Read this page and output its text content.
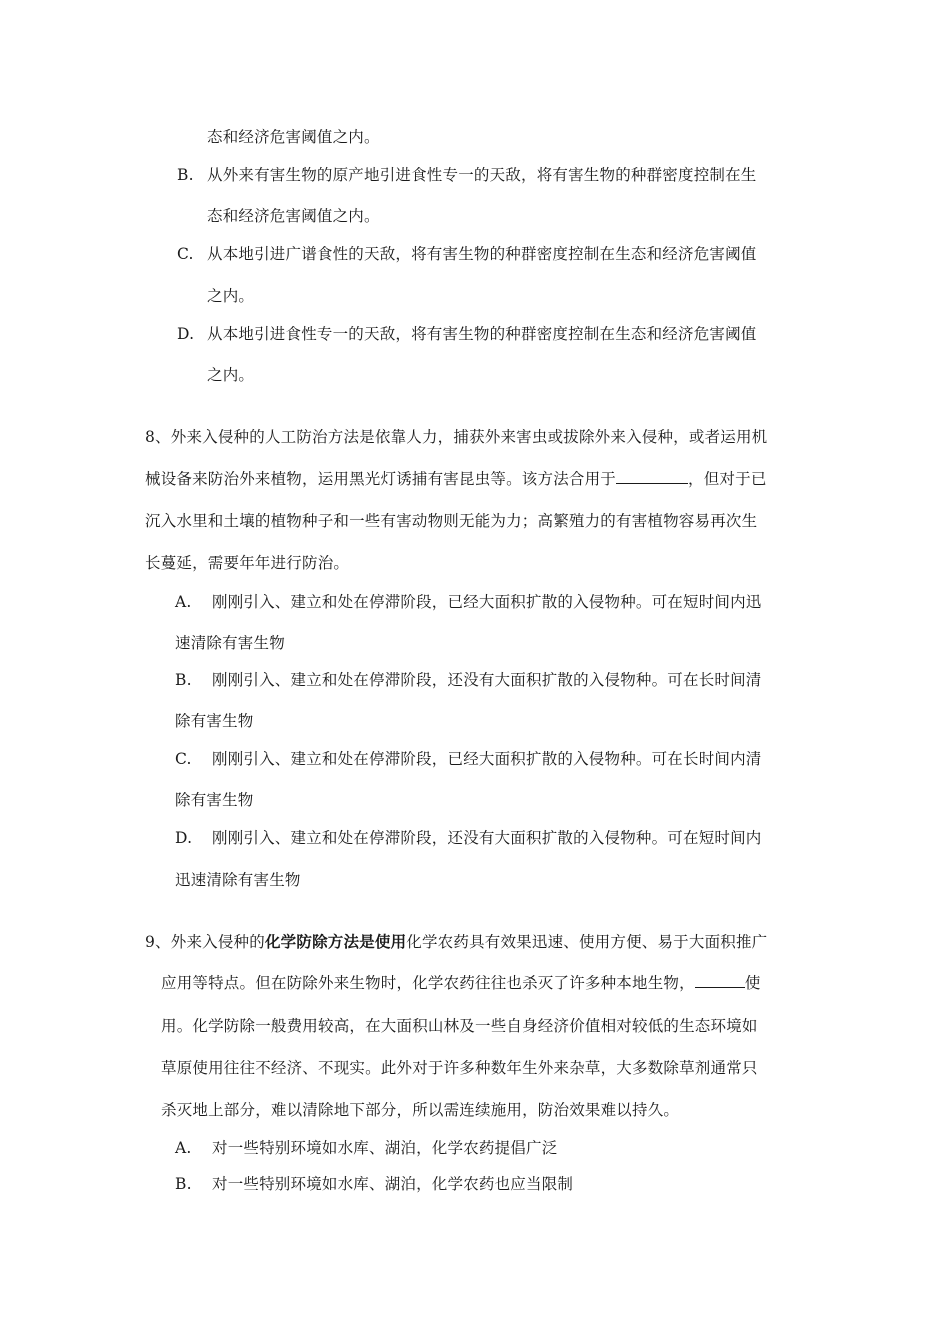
态和经济危害阈值之内。
B. 从外来有害生物的原产地引进食性专一的天敌，将有害生物的种群密度控制在生
态和经济危害阈值之内。
C. 从本地引进广谱食性的天敌，将有害生物的种群密度控制在生态和经济危害阈值
之内。
D. 从本地引进食性专一的天敌，将有害生物的种群密度控制在生态和经济危害阈值
之内。
8、外来入侵种的人工防治方法是依靠人力，捕获外来害虫或拔除外来入侵种，或者运用机
械设备来防治外来植物，运用黑光灯诱捕有害昆虫等。该方法合用于	，但对于已
沉入水里和土壤的植物种子和一些有害动物则无能为力；高繁殖力的有害植物容易再次生
长蔓延，需要年年进行防治。
A. 刚刚引入、建立和处在停滞阶段，已经大面积扩散的入侵物种。可在短时间内迅
速清除有害生物
B. 刚刚引入、建立和处在停滞阶段，还没有大面积扩散的入侵物种。可在长时间清
除有害生物
C. 刚刚引入、建立和处在停滞阶段，已经大面积扩散的入侵物种。可在长时间内清
除有害生物
D. 刚刚引入、建立和处在停滞阶段，还没有大面积扩散的入侵物种。可在短时间内
迅速清除有害生物
9、外来入侵种的化学防除方法是使用化学农药具有效果迅速、使用方便、易于大面积推广
应用等特点。但在防除外来生物时，化学农药往往也杀灭了许多种本地生物，	使
用。化学防除一般费用较高，在大面积山林及一些自身经济价值相对较低的生态环境如
草原使用往往不经济、不现实。此外对于许多种数年生外来杂草，大多数除草剂通常只
杀灭地上部分，难以清除地下部分，所以需连续施用，防治效果难以持久。
A. 对一些特别环境如水库、湖泊，化学农药提倡广泛
B. 对一些特别环境如水库、湖泊，化学农药也应当限制
